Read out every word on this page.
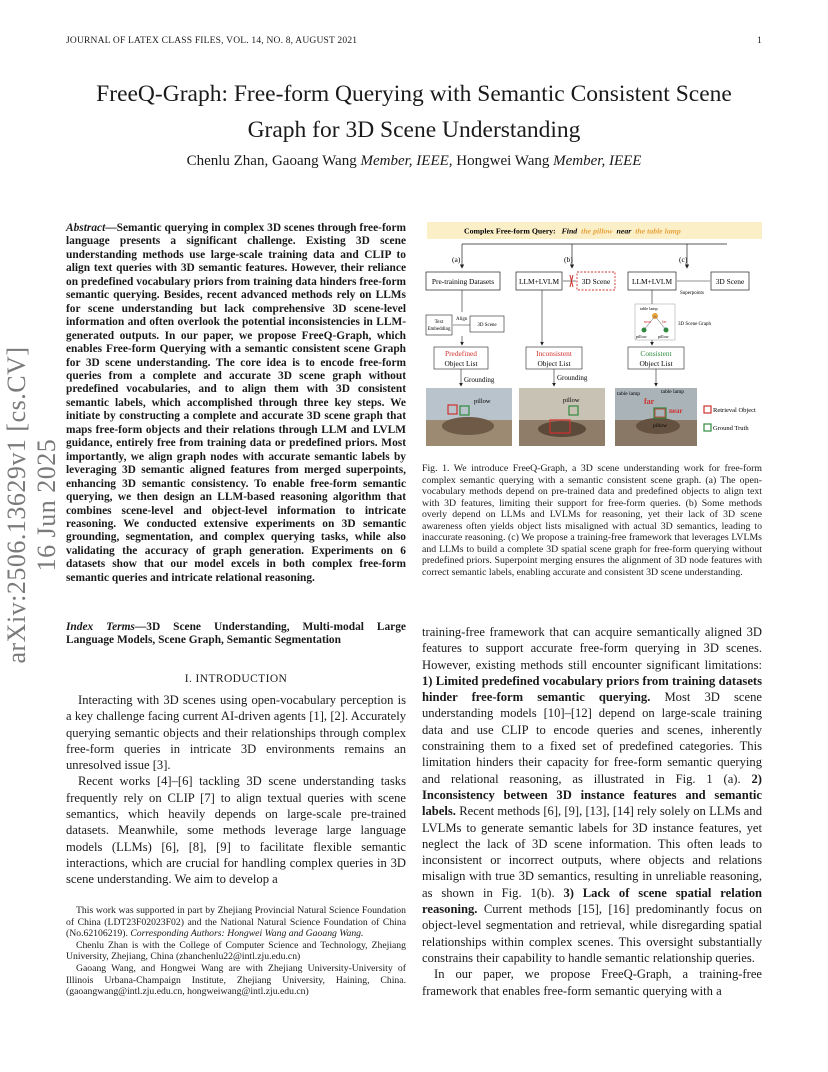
JOURNAL OF LATEX CLASS FILES, VOL. 14, NO. 8, AUGUST 2021	1
FreeQ-Graph: Free-form Querying with Semantic Consistent Scene
Graph for 3D Scene Understanding
Chenlu Zhan, Gaoang Wang Member, IEEE, Hongwei Wang Member, IEEE
arXiv:2506.13629v1 [cs.CV] 16 Jun 2025
Abstract—Semantic querying in complex 3D scenes through free-form language presents a significant challenge. Existing 3D scene understanding methods use large-scale training data and CLIP to align text queries with 3D semantic features. However, their reliance on predefined vocabulary priors from training data hinders free-form semantic querying. Besides, recent advanced methods rely on LLMs for scene understanding but lack comprehensive 3D scene-level information and often overlook the potential inconsistencies in LLM-generated outputs. In our paper, we propose FreeQ-Graph, which enables Free-form Querying with a semantic consistent scene Graph for 3D scene understanding. The core idea is to encode free-form queries from a complete and accurate 3D scene graph without predefined vocabularies, and to align them with 3D consistent semantic labels, which accomplished through three key steps. We initiate by constructing a complete and accurate 3D scene graph that maps free-form objects and their relations through LLM and LVLM guidance, entirely free from training data or predefined priors. Most importantly, we align graph nodes with accurate semantic labels by leveraging 3D semantic aligned features from merged superpoints, enhancing 3D semantic consistency. To enable free-form semantic querying, we then design an LLM-based reasoning algorithm that combines scene-level and object-level information to intricate reasoning. We conducted extensive experiments on 3D semantic grounding, segmentation, and complex querying tasks, while also validating the accuracy of graph generation. Experiments on 6 datasets show that our model excels in both complex free-form semantic queries and intricate relational reasoning.
Index Terms—3D Scene Understanding, Multi-modal Large Language Models, Scene Graph, Semantic Segmentation
I. INTRODUCTION

Interacting with 3D scenes using open-vocabulary perception is a key challenge facing current AI-driven agents [1], [2]. Accurately querying semantic objects and their relationships through complex free-form queries in intricate 3D environments remains an unresolved issue [3].

Recent works [4]–[6] tackling 3D scene understanding tasks frequently rely on CLIP [7] to align textual queries with scene semantics, which heavily depends on large-scale pre-trained datasets. Meanwhile, some methods leverage large language models (LLMs) [6], [8], [9] to facilitate flexible semantic interactions, which are crucial for handling complex queries in 3D scene understanding. We aim to develop a

This work was supported in part by Zhejiang Provincial Natural Science Foundation of China (LDT23F02023F02) and the National Natural Science Foundation of China (No.62106219). Corresponding Authors: Hongwei Wang and Gaoang Wang.

Chenlu Zhan is with the College of Computer Science and Technology, Zhejiang University, Zhejiang, China (zhanchenlu22@intl.zju.edu.cn)

Gaoang Wang, and Hongwei Wang are with Zhejiang University-University of Illinois Urbana-Champaign Institute, Zhejiang University, Haining, China. (gaoangwang@intl.zju.edu.cn, hongweiwang@intl.zju.edu.cn)

Complex Free-form Query: Find the pillow near the table lamp
(a)	(b)	(c)
Pre-training Datasets
Text
Embedding
Align
3D Scene
Predefined
Object List
LLM+LVLM	3D Scene
Inconsistent
Object List
LLM+LVLM	3D Scene
Superpoints
table lamp
near	far
pillow	pillow
3D Scene Graph
Consistent
Object List
Grounding	Grounding
pillow	pillow
table lamp	table lamp
far
near
pillow
Retrieval Object
Ground Truth
Fig. 1. We introduce FreeQ-Graph, a 3D scene understanding work for free-form complex semantic querying with a semantic consistent scene graph. (a) The open-vocabulary methods depend on pre-trained data and predefined objects to align text with 3D features, limiting their support for free-form queries. (b) Some methods overly depend on LLMs and LVLMs for reasoning, yet their lack of 3D scene awareness often yields object lists misaligned with actual 3D semantics, leading to inaccurate reasoning. (c) We propose a training-free framework that leverages LVLMs and LLMs to build a complete 3D spatial scene graph for free-form querying without predefined priors. Superpoint merging ensures the alignment of 3D node features with correct semantic labels, enabling accurate and consistent 3D scene understanding.

training-free framework that can acquire semantically aligned 3D features to support accurate free-form querying in 3D scenes. However, existing methods still encounter significant limitations: 1) Limited predefined vocabulary priors from training datasets hinder free-form semantic querying. Most 3D scene understanding models [10]–[12] depend on large-scale training data and use CLIP to encode queries and scenes, inherently constraining them to a fixed set of predefined categories. This limitation hinders their capacity for free-form semantic querying and relational reasoning, as illustrated in Fig. 1 (a). 2) Inconsistency between 3D instance features and semantic labels. Recent methods [6], [9], [13], [14] rely solely on LLMs and LVLMs to generate semantic labels for 3D instance features, yet neglect the lack of 3D scene information. This often leads to inconsistent or incorrect outputs, where objects and relations misalign with true 3D semantics, resulting in unreliable reasoning, as shown in Fig. 1(b). 3) Lack of scene spatial relation reasoning. Current methods [15], [16] predominantly focus on object-level segmentation and retrieval, while disregarding spatial relationships within complex scenes. This oversight substantially constrains their capability to handle semantic relationship queries.

In our paper, we propose FreeQ-Graph, a training-free framework that enables free-form semantic querying with a
